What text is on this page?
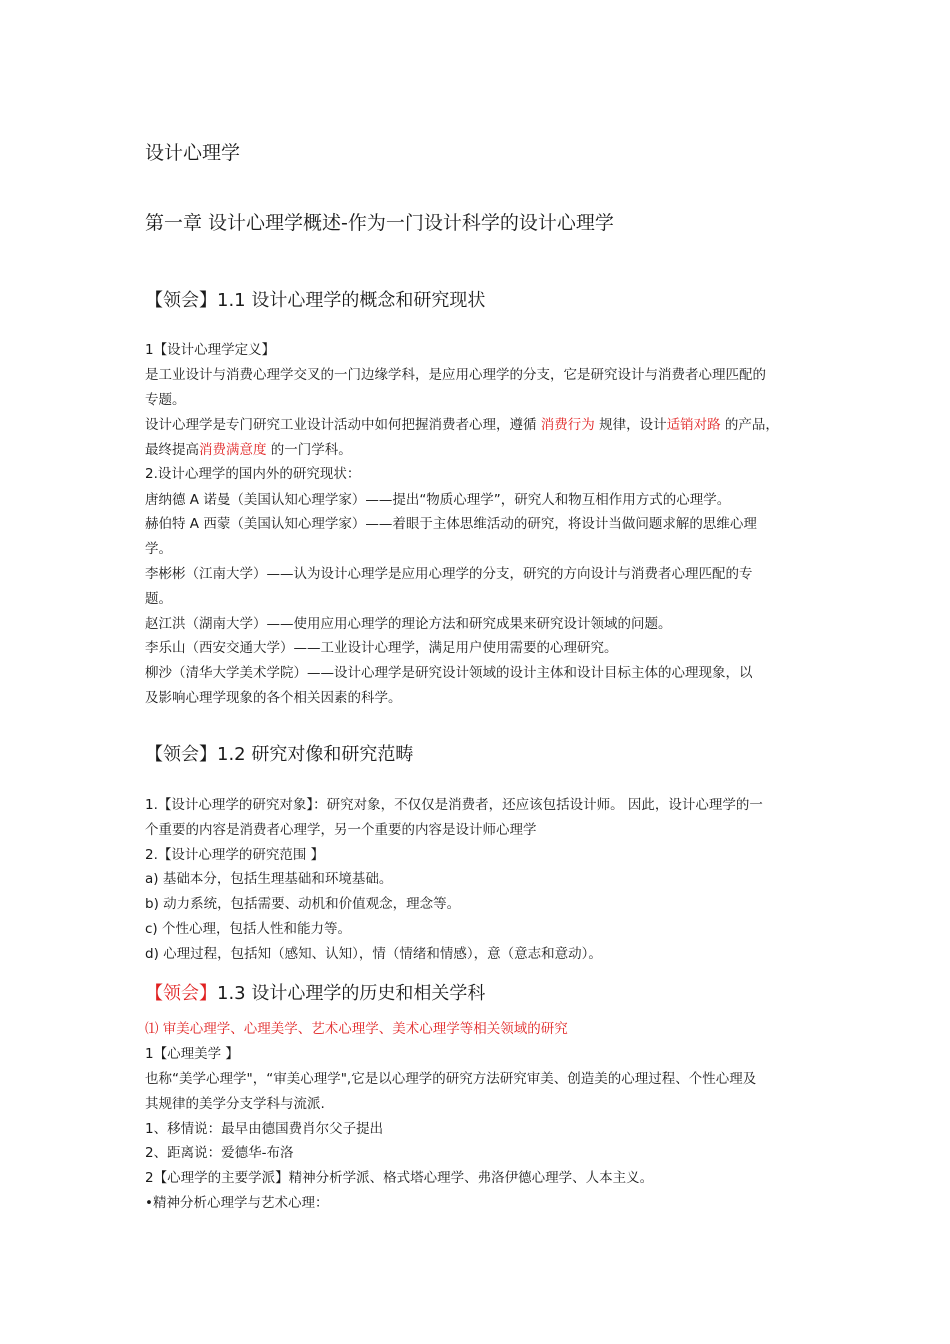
设计心理学
第一章 设计心理学概述-作为一门设计科学的设计心理学
【领会】1.1 设计心理学的概念和研究现状
1【设计心理学定义】
是工业设计与消费心理学交叉的一门边缘学科，是应用心理学的分支，它是研究设计与消费者心理匹配的
专题。
设计心理学是专门研究工业设计活动中如何把握消费者心理，遵循 消费行为 规律，设计适销对路 的产品，
最终提高消费满意度 的一门学科。
2.设计心理学的国内外的研究现状：
唐纳德 A 诺曼（美国认知心理学家）——提出“物质心理学”，研究人和物互相作用方式的心理学。
赫伯特 A 西蒙（美国认知心理学家）——着眼于主体思维活动的研究，将设计当做问题求解的思维心理
学。
李彬彬（江南大学）——认为设计心理学是应用心理学的分支，研究的方向设计与消费者心理匹配的专
题。
赵江洪（湖南大学）——使用应用心理学的理论方法和研究成果来研究设计领域的问题。
李乐山（西安交通大学）——工业设计心理学，满足用户使用需要的心理研究。
柳沙（清华大学美术学院）——设计心理学是研究设计领域的设计主体和设计目标主体的心理现象，以
及影响心理学现象的各个相关因素的科学。
【领会】1.2 研究对像和研究范畴
1.【设计心理学的研究对象】：研究对象，不仅仅是消费者，还应该包括设计师。 因此，设计心理学的一
个重要的内容是消费者心理学，另一个重要的内容是设计师心理学
2.【设计心理学的研究范围 】
a) 基础本分，包括生理基础和环境基础。
b) 动力系统，包括需要、动机和价值观念，理念等。
c) 个性心理，包括人性和能力等。
d) 心理过程，包括知（感知、认知），情（情绪和情感），意（意志和意动）。
【领会】1.3 设计心理学的历史和相关学科
⑴ 审美心理学、心理美学、艺术心理学、美术心理学等相关领域的研究
1【心理美学 】
也称“美学心理学"，“审美心理学",它是以心理学的研究方法研究审美、创造美的心理过程、个性心理及
其规律的美学分支学科与流派.
1、移情说：最早由德国费肖尔父子提出
2、距离说：爱德华-布洛
2【心理学的主要学派】精神分析学派、格式塔心理学、弗洛伊德心理学、人本主义。
•精神分析心理学与艺术心理：
